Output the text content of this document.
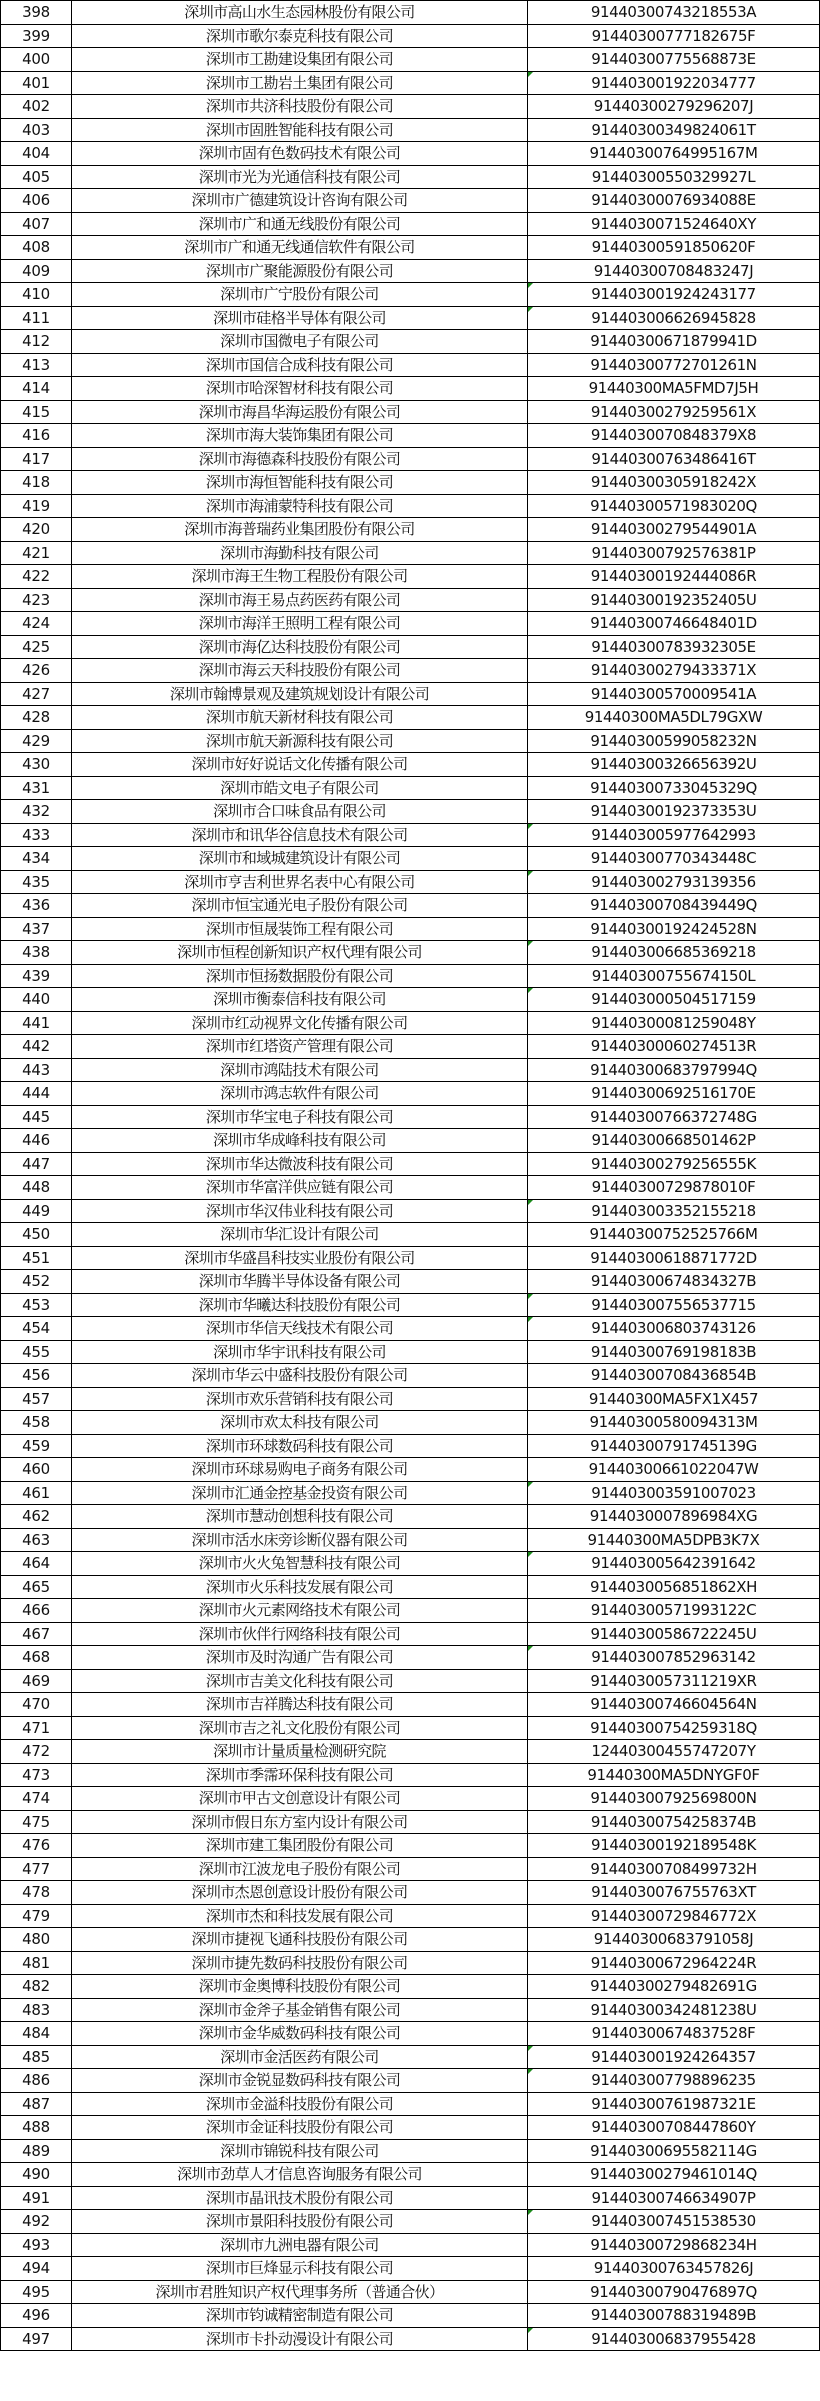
398	深圳市高山水生态园林股份有限公司	91440300743218553A
399	深圳市歌尔泰克科技有限公司	91440300777182675F
400	深圳市工勘建设集团有限公司	91440300775568873E
401	深圳市工勘岩土集团有限公司	914403001922034777
402	深圳市共济科技股份有限公司	91440300279296207J
403	深圳市固胜智能科技有限公司	91440300349824061T
404	深圳市固有色数码技术有限公司	91440300764995167M
405	深圳市光为光通信科技有限公司	91440300550329927L
406	深圳市广德建筑设计咨询有限公司	91440300076934088E
407	深圳市广和通无线股份有限公司	9144030071524640XY
408	深圳市广和通无线通信软件有限公司	91440300591850620F
409	深圳市广聚能源股份有限公司	91440300708483247J
410	深圳市广宁股份有限公司	914403001924243177
411	深圳市硅格半导体有限公司	914403006626945828
412	深圳市国微电子有限公司	91440300671879941D
413	深圳市国信合成科技有限公司	91440300772701261N
414	深圳市哈深智材科技有限公司	91440300MA5FMD7J5H
415	深圳市海昌华海运股份有限公司	91440300279259561X
416	深圳市海大装饰集团有限公司	9144030070848379X8
417	深圳市海德森科技股份有限公司	91440300763486416T
418	深圳市海恒智能科技有限公司	91440300305918242X
419	深圳市海浦蒙特科技有限公司	91440300571983020Q
420	深圳市海普瑞药业集团股份有限公司	91440300279544901A
421	深圳市海勤科技有限公司	91440300792576381P
422	深圳市海王生物工程股份有限公司	91440300192444086R
423	深圳市海王易点药医药有限公司	91440300192352405U
424	深圳市海洋王照明工程有限公司	91440300746648401D
425	深圳市海亿达科技股份有限公司	91440300783932305E
426	深圳市海云天科技股份有限公司	91440300279433371X
427	深圳市翰博景观及建筑规划设计有限公司	91440300570009541A
428	深圳市航天新材科技有限公司	91440300MA5DL79GXW
429	深圳市航天新源科技有限公司	91440300599058232N
430	深圳市好好说话文化传播有限公司	91440300326656392U
431	深圳市皓文电子有限公司	91440300733045329Q
432	深圳市合口味食品有限公司	91440300192373353U
433	深圳市和讯华谷信息技术有限公司	914403005977642993
434	深圳市和域城建筑设计有限公司	91440300770343448C
435	深圳市亨吉利世界名表中心有限公司	914403002793139356
436	深圳市恒宝通光电子股份有限公司	91440300708439449Q
437	深圳市恒晟装饰工程有限公司	91440300192424528N
438	深圳市恒程创新知识产权代理有限公司	914403006685369218
439	深圳市恒扬数据股份有限公司	91440300755674150L
440	深圳市衡泰信科技有限公司	914403000504517159
441	深圳市红动视界文化传播有限公司	91440300081259048Y
442	深圳市红塔资产管理有限公司	91440300060274513R
443	深圳市鸿陆技术有限公司	91440300683797994Q
444	深圳市鸿志软件有限公司	91440300692516170E
445	深圳市华宝电子科技有限公司	91440300766372748G
446	深圳市华成峰科技有限公司	91440300668501462P
447	深圳市华达微波科技有限公司	91440300279256555K
448	深圳市华富洋供应链有限公司	91440300729878010F
449	深圳市华汉伟业科技有限公司	914403003352155218
450	深圳市华汇设计有限公司	91440300752525766M
451	深圳市华盛昌科技实业股份有限公司	91440300618871772D
452	深圳市华腾半导体设备有限公司	91440300674834327B
453	深圳市华曦达科技股份有限公司	914403007556537715
454	深圳市华信天线技术有限公司	914403006803743126
455	深圳市华宇讯科技有限公司	91440300769198183B
456	深圳市华云中盛科技股份有限公司	91440300708436854B
457	深圳市欢乐营销科技有限公司	91440300MA5FX1X457
458	深圳市欢太科技有限公司	91440300580094313M
459	深圳市环球数码科技有限公司	91440300791745139G
460	深圳市环球易购电子商务有限公司	91440300661022047W
461	深圳市汇通金控基金投资有限公司	914403003591007023
462	深圳市慧动创想科技有限公司	9144030007896984XG
463	深圳市活水床旁诊断仪器有限公司	91440300MA5DPB3K7X
464	深圳市火火兔智慧科技有限公司	914403005642391642
465	深圳市火乐科技发展有限公司	9144030056851862XH
466	深圳市火元素网络技术有限公司	91440300571993122C
467	深圳市伙伴行网络科技有限公司	91440300586722245U
468	深圳市及时沟通广告有限公司	914403007852963142
469	深圳市吉美文化科技有限公司	9144030057311219XR
470	深圳市吉祥腾达科技有限公司	91440300746604564N
471	深圳市吉之礼文化股份有限公司	91440300754259318Q
472	深圳市计量质量检测研究院	12440300455747207Y
473	深圳市季霈环保科技有限公司	91440300MA5DNYGF0F
474	深圳市甲古文创意设计有限公司	91440300792569800N
475	深圳市假日东方室内设计有限公司	91440300754258374B
476	深圳市建工集团股份有限公司	91440300192189548K
477	深圳市江波龙电子股份有限公司	91440300708499732H
478	深圳市杰恩创意设计股份有限公司	9144030076755763XT
479	深圳市杰和科技发展有限公司	91440300729846772X
480	深圳市捷视飞通科技股份有限公司	91440300683791058J
481	深圳市捷先数码科技股份有限公司	91440300672964224R
482	深圳市金奥博科技股份有限公司	91440300279482691G
483	深圳市金斧子基金销售有限公司	91440300342481238U
484	深圳市金华威数码科技有限公司	91440300674837528F
485	深圳市金活医药有限公司	914403001924264357
486	深圳市金锐显数码科技有限公司	914403007798896235
487	深圳市金溢科技股份有限公司	91440300761987321E
488	深圳市金证科技股份有限公司	91440300708447860Y
489	深圳市锦锐科技有限公司	91440300695582114G
490	深圳市劲草人才信息咨询服务有限公司	91440300279461014Q
491	深圳市晶讯技术股份有限公司	91440300746634907P
492	深圳市景阳科技股份有限公司	914403007451538530
493	深圳市九洲电器有限公司	91440300729868234H
494	深圳市巨烽显示科技有限公司	91440300763457826J
495	深圳市君胜知识产权代理事务所（普通合伙）	91440300790476897Q
496	深圳市钧诚精密制造有限公司	91440300788319489B
497	深圳市卡扑动漫设计有限公司	914403006837955428
